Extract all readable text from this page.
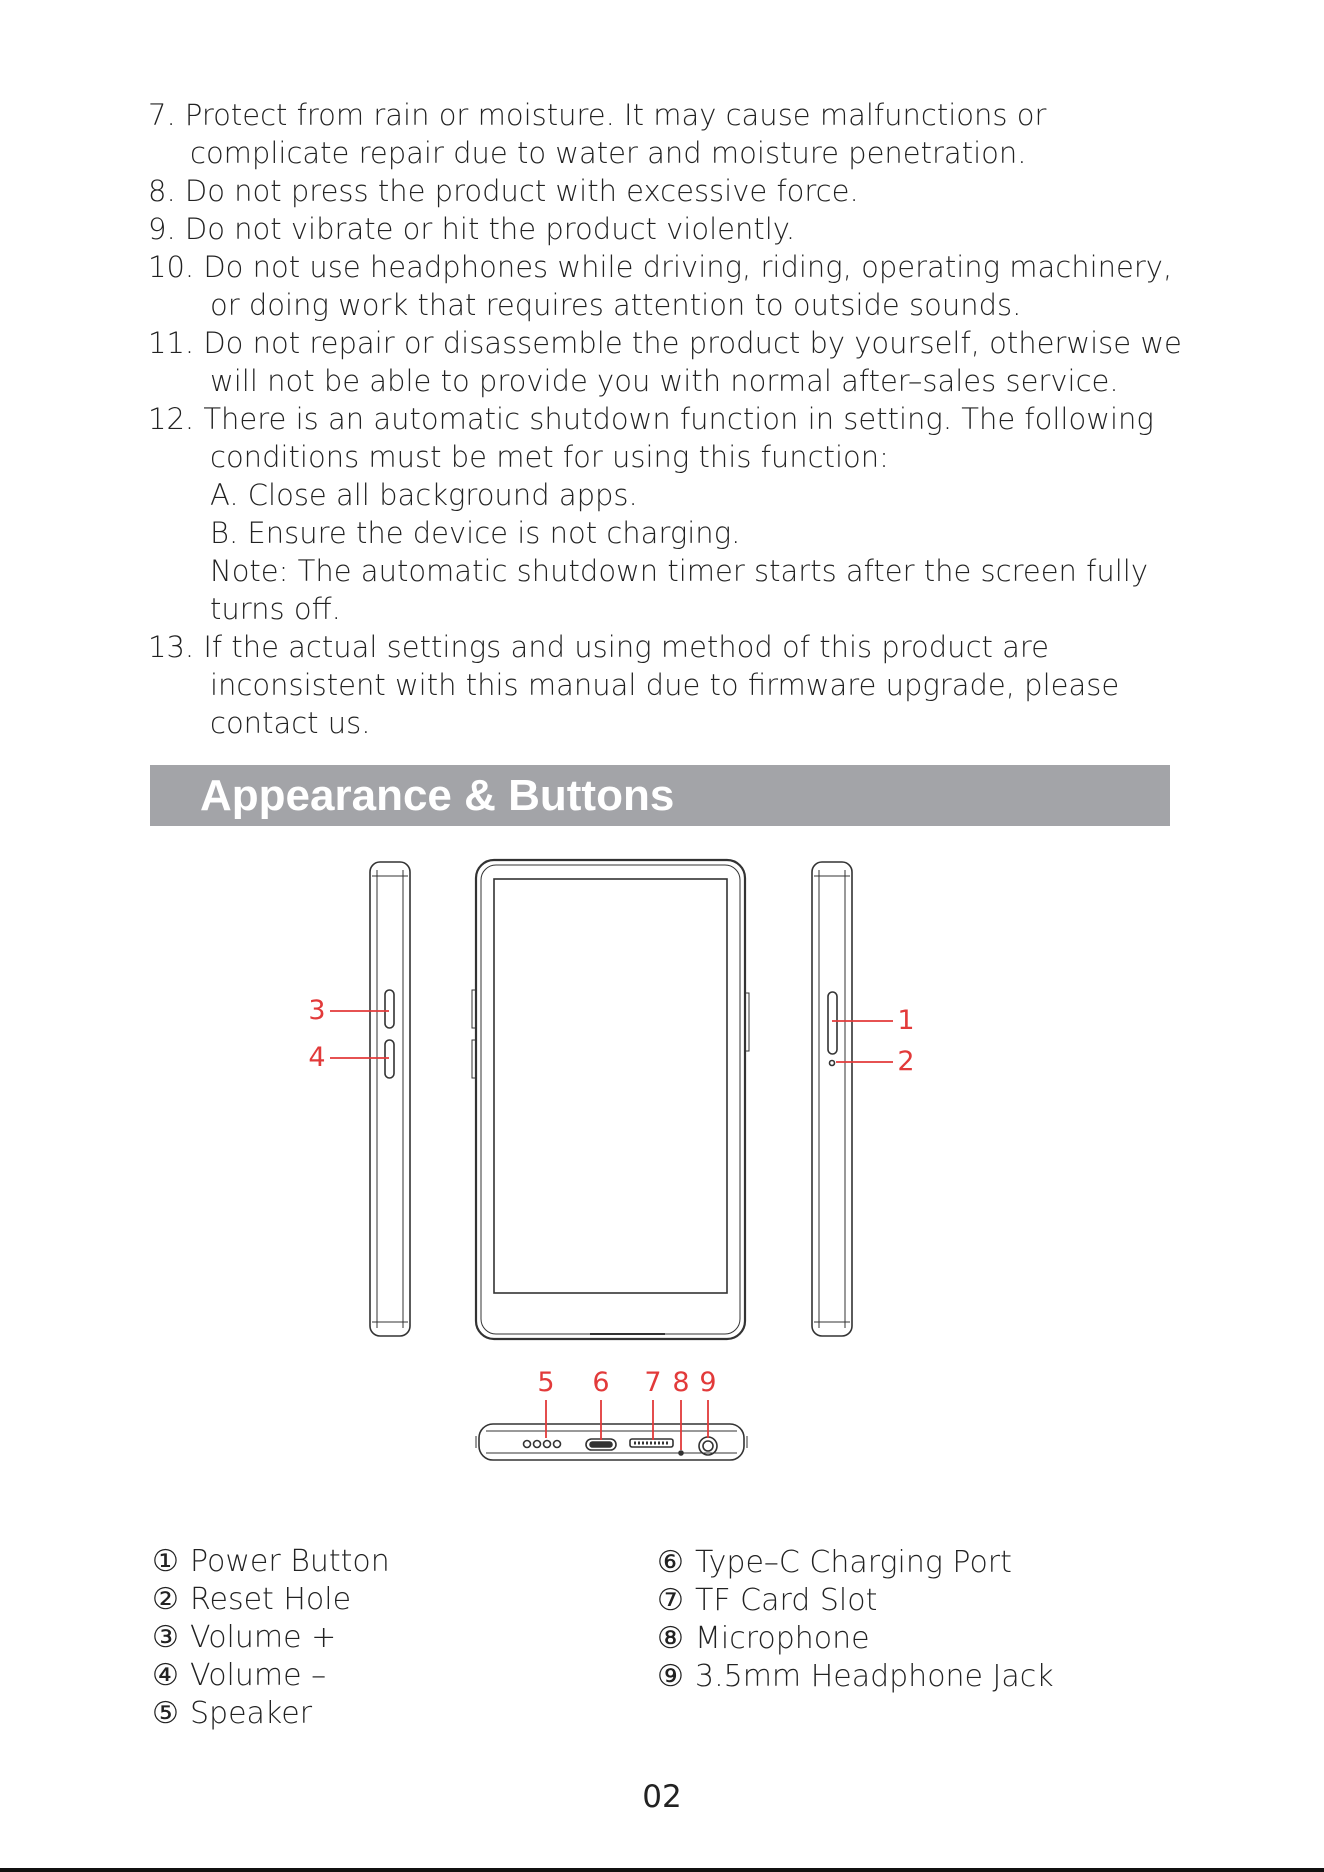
7. Protect from rain or moisture. It may cause malfunctions or
complicate repair due to water and moisture penetration.
8. Do not press the product with excessive force.
9. Do not vibrate or hit the product violently.
10. Do not use headphones while driving, riding, operating machinery,
or doing work that requires attention to outside sounds.
11. Do not repair or disassemble the product by yourself, otherwise we
will not be able to provide you with normal after–sales service.
12. There is an automatic shutdown function in setting. The following
conditions must be met for using this function:
A. Close all background apps.
B. Ensure the device is not charging.
Note: The automatic shutdown timer starts after the screen fully
turns off.
13. If the actual settings and using method of this product are
inconsistent with this manual due to firmware upgrade, please
contact us.
Appearance & Buttons
3
4
1
2
5 6 7 8 9
① Power Button
② Reset Hole
③ Volume +
④ Volume –
⑤ Speaker
⑥ Type–C Charging Port
⑦ TF Card Slot
⑧ Microphone
⑨ 3.5mm Headphone Jack
02
